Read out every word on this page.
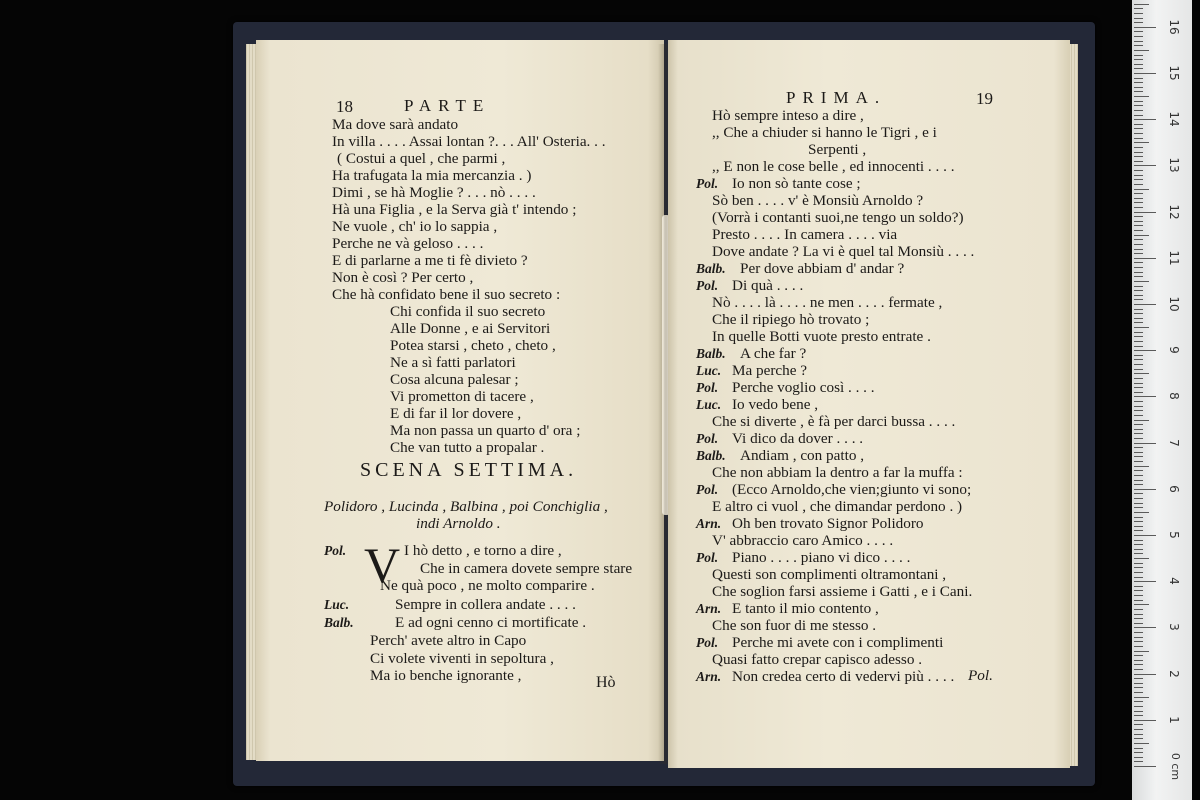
18	PARTE
Ma dove sarà andato
In villa . . . . Assai lontan ?. . . All' Osteria. . .
( Costui a quel , che parmi ,
Ha trafugata la mia mercanzia . )
Dimi , se hà Moglie ? . . . nò . . . .
Hà una Figlia , e la Serva già t' intendo ;
Ne vuole , ch' io lo sappia ,
Perche ne và geloso . . . .
E di parlarne a me ti fè divieto ?
Non è così ? Per certo ,
Che hà confidato bene il suo secreto :
Chi confida il suo secreto
Alle Donne , e ai Servitori
Potea starsi , cheto , cheto ,
Ne a sì fatti parlatori
Cosa alcuna palesar ;
Vi prometton di tacere ,
E di far il lor dovere ,
Ma non passa un quarto d' ora ;
Che van tutto a propalar .
SCENA SETTIMA.
Polidoro , Lucinda , Balbina , poi Conchiglia ,
indi Arnoldo .
V
Pol.	I hò detto , e torno a dire ,
Che in camera dovete sempre stare
Ne quà poco , ne molto comparire .
Luc.	Sempre in collera andate . . . .
Balb.	E ad ogni cenno ci mortificate .
Perch' avete altro in Capo
Ci volete viventi in sepoltura ,
Ma io benche ignorante ,	Hò
PRIMA.	19
Hò sempre inteso a dire ,
,, Che a chiuder si hanno le Tigri , e i
Serpenti ,
,, E non le cose belle , ed innocenti . . . .
Pol. Io non sò tante cose ;
Sò ben . . . . v' è Monsiù Arnoldo ?
(Vorrà i contanti suoi,ne tengo un soldo?)
Presto . . . . In camera . . . . via
Dove andate ? La vi è quel tal Monsiù . . . .
Balb. Per dove abbiam d' andar ?
Pol. Di quà . . . .
Nò . . . . là . . . . ne men . . . . fermate ,
Che il ripiego hò trovato ;
In quelle Botti vuote presto entrate .
Balb. A che far ?
Luc. Ma perche ?
Pol. Perche voglio così . . . .
Luc. Io vedo bene ,
Che si diverte , è fà per darci bussa . . . .
Pol. Vi dico da dover . . . .
Balb. Andiam , con patto ,
Che non abbiam la dentro a far la muffa :
Pol. (Ecco Arnoldo,che vien;giunto vi sono;
E altro ci vuol , che dimandar perdono . )
Arn. Oh ben trovato Signor Polidoro
V' abbraccio caro Amico . . . .
Pol. Piano . . . . piano vi dico . . . .
Questi son complimenti oltramontani ,
Che soglion farsi assieme i Gatti , e i Cani.
Arn. E tanto il mio contento ,
Che son fuor di me stesso .
Pol. Perche mi avete con i complimenti
Quasi fatto crepar capisco adesso .
Arn. Non credea certo di vedervi più . . . . Pol.
1
2
3
4
5
6
7
8
9
10
11
12
13
14
15
16
0 cm
